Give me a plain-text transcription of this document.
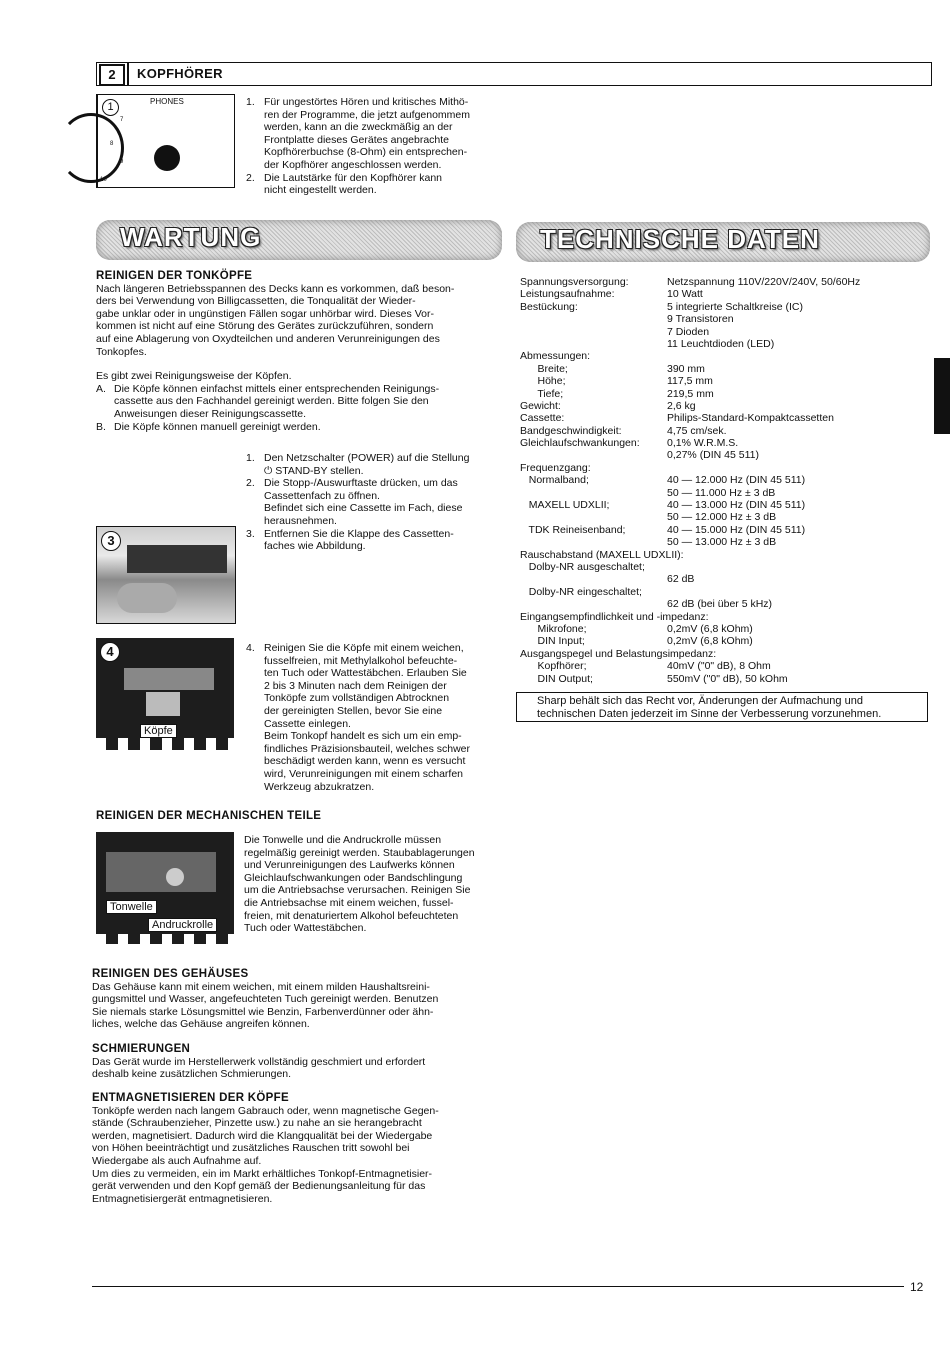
2	KOPFHÖRER
1	PHONES
7
8
9
10
1. Für ungestörtes Hören und kritisches Mithö-
ren der Programme, die jetzt aufgenommem
werden, kann an die zweckmäßig an der
Frontplatte dieses Gerätes angebrachte
Kopfhörerbuchse (8-Ohm) ein entsprechen-
der Kopfhörer angeschlossen werden.
2. Die Lautstärke für den Kopfhörer kann
nicht eingestellt werden.
WARTUNG	TECHNISCHE DATEN
REINIGEN DER TONKÖPFE
Nach längeren Betriebsspannen des Decks kann es vorkommen, daß beson-
ders bei Verwendung von Billigcassetten, die Tonqualität der Wieder-
gabe unklar oder in ungünstigen Fällen sogar unhörbar wird. Dieses Vor-
kommen ist nicht auf eine Störung des Gerätes zurückzuführen, sondern
auf eine Ablagerung von Oxydteilchen und anderen Verunreinigungen des
Tonkopfes.
Es gibt zwei Reinigungsweise der Köpfen.
A. Die Köpfe können einfachst mittels einer entsprechenden Reinigungs-
cassette aus den Fachhandel gereinigt werden. Bitte folgen Sie den
Anweisungen dieser Reinigungscassette.
B. Die Köpfe können manuell gereinigt werden.
1. Den Netzschalter (POWER) auf die Stellung
⏻ STAND-BY stellen.
2. Die Stopp-/Auswurftaste drücken, um das
Cassettenfach zu öffnen.
Befindet sich eine Cassette im Fach, diese
herausnehmen.
3. Entfernen Sie die Klappe des Cassetten-
faches wie Abbildung.
3
4
Köpfe
4. Reinigen Sie die Köpfe mit einem weichen,
fusselfreien, mit Methylalkohol befeuchte-
ten Tuch oder Wattestäbchen. Erlauben Sie
2 bis 3 Minuten nach dem Reinigen der
Tonköpfe zum vollständigen Abtrocknen
der gereinigten Stellen, bevor Sie eine
Cassette einlegen.
Beim Tonkopf handelt es sich um ein emp-
findliches Präzisionsbauteil, welches schwer
beschädigt werden kann, wenn es versucht
wird, Verunreinigungen mit einem scharfen
Werkzeug abzukratzen.
REINIGEN DER MECHANISCHEN TEILE
Tonwelle
Andruckrolle
Die Tonwelle und die Andruckrolle müssen
regelmäßig gereinigt werden. Staubablagerungen
und Verunreinigungen des Laufwerks können
Gleichlaufschwankungen oder Bandschlingung
um die Antriebsachse verursachen. Reinigen Sie
die Antriebsachse mit einem weichen, fussel-
freien, mit denaturiertem Alkohol befeuchteten
Tuch oder Wattestäbchen.
REINIGEN DES GEHÄUSES
Das Gehäuse kann mit einem weichen, mit einem milden Haushaltsreini-
gungsmittel und Wasser, angefeuchteten Tuch gereinigt werden. Benutzen
Sie niemals starke Lösungsmittel wie Benzin, Farbenverdünner oder ähn-
liches, welche das Gehäuse angreifen können.
SCHMIERUNGEN
Das Gerät wurde im Herstellerwerk vollständig geschmiert und erfordert
deshalb keine zusätzlichen Schmierungen.
ENTMAGNETISIEREN DER KÖPFE
Tonköpfe werden nach langem Gabrauch oder, wenn magnetische Gegen-
stände (Schraubenzieher, Pinzette usw.) zu nahe an sie herangebracht
werden, magnetisiert. Dadurch wird die Klangqualität bei der Wiedergabe
von Höhen beeinträchtigt und zusätzliches Rauschen tritt sowohl bei
Wiedergabe als auch Aufnahme auf.
Um dies zu vermeiden, ein im Markt erhältliches Tonkopf-Entmagnetisier-
gerät verwenden und den Kopf gemäß der Bedienungsanleitung für das
Entmagnetisiergerät entmagnetisieren.
Spannungsversorgung:	Netzspannung 110V/220V/240V, 50/60Hz
Leistungsaufnahme:	10 Watt
Bestückung:	5 integrierte Schaltkreise (IC)
9 Transistoren
7 Dioden
11 Leuchtdioden (LED)
Abmessungen:
Breite;	390 mm
Höhe;	117,5 mm
Tiefe;	219,5 mm
Gewicht:	2,6 kg
Cassette:	Philips-Standard-Kompaktcassetten
Bandgeschwindigkeit:	4,75 cm/sek.
Gleichlaufschwankungen:	0,1% W.R.M.S.
0,27% (DIN 45 511)
Frequenzgang:
Normalband;	40 — 12.000 Hz (DIN 45 511)
50 — 11.000 Hz ± 3 dB
MAXELL UDXLII;	40 — 13.000 Hz (DIN 45 511)
50 — 12.000 Hz ± 3 dB
TDK Reineisenband;	40 — 15.000 Hz (DIN 45 511)
50 — 13.000 Hz ± 3 dB
Rauschabstand (MAXELL UDXLII):
Dolby-NR ausgeschaltet;
62 dB
Dolby-NR eingeschaltet;
62 dB (bei über 5 kHz)
Eingangsempfindlichkeit und -impedanz:
Mikrofone;	0,2mV (6,8 kOhm)
DIN Input;	0,2mV (6,8 kOhm)
Ausgangspegel und Belastungsimpedanz:
Kopfhörer;	40mV ("0" dB), 8 Ohm
DIN Output;	550mV ("0" dB), 50 kOhm
Sharp behält sich das Recht vor, Änderungen der Aufmachung und
technischen Daten jederzeit im Sinne der Verbesserung vorzunehmen.
12
